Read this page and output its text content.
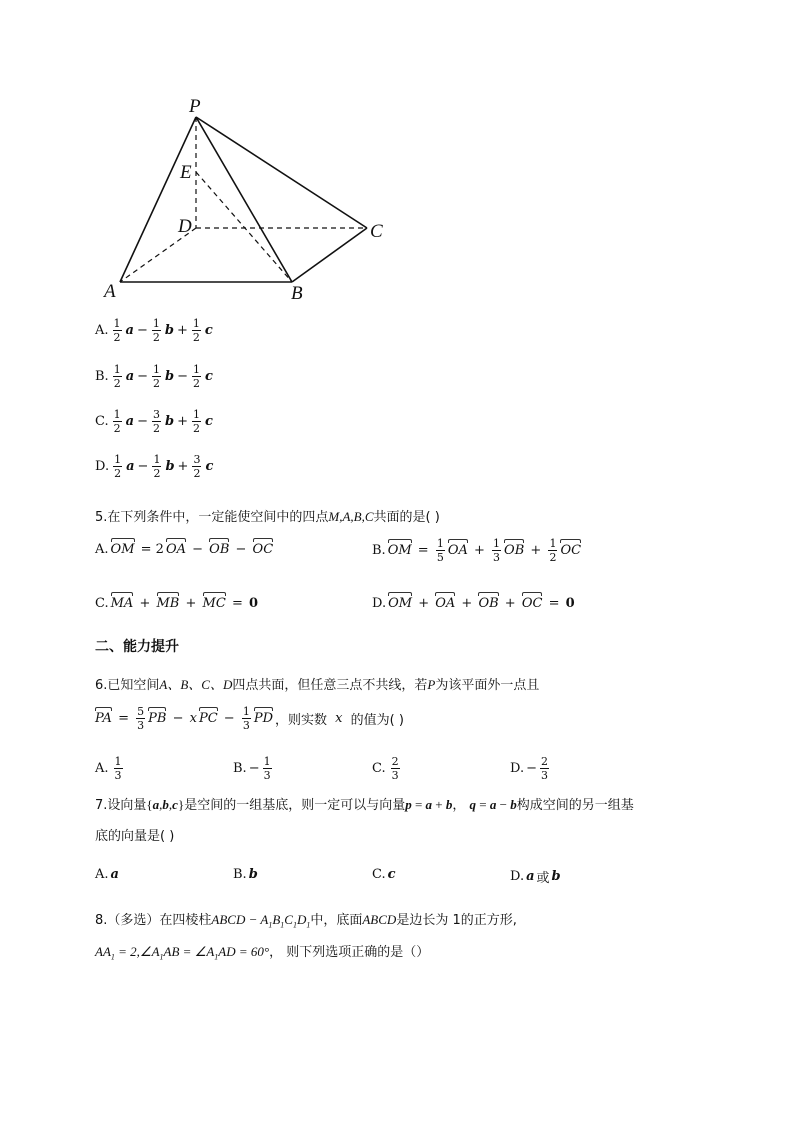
P
E
D	C
A	B
A. $\frac{1}{2}$ $a - \frac{1}{2}$ $b + \frac{1}{2}$ c
B. $\frac{1}{2}$ $a - \frac{1}{2}$ $b - \frac{1}{2}$ c
C. $\frac{1}{2}$ $a - \frac{3}{2}$ $b + \frac{1}{2}$ c
D. $\frac{1}{2}$ $a - \frac{1}{2}$ $b + \frac{3}{2}$ c
5.在下列条件中，一定能使空间中的四点M,A,B,C共面的是( )
A. OM = 2 OA − OB − OC	B. OM = $\frac{1}{5}$ OA + $\frac{1}{3}$ OB + $\frac{1}{2}$ OC
C. MA + MB + MC = 0	D. OM + OA + OB + OC = 0
二、能力提升
6.已知空间A、B、C、D四点共面，但任意三点不共线，若P为该平面外一点且
PA = $\frac{5}{3}$ PB − x PC − $\frac{1}{3}$ PD ，则实数
x
的值为( )
A. $\frac{1}{3}$	B. − $\frac{1}{3}$	C. $\frac{2}{3}$	D. − $\frac{2}{3}$
7.设向量{a,b,c}是空间的一组基底，则一定可以与向量p = a + b， q = a − b构成空间的另一组基
底的向量是( )
A. a	B. b	C. c	D. a 或 b
8.（多选）在四棱柱ABCD − $A_1B_1C_1D_1$中，底面ABCD是边长为 1的正方形,
$AA_1$ = $2,\angle A_1AB$ = $\angle A_1AD = 60^\circ$， 则下列选项正确的是（）
